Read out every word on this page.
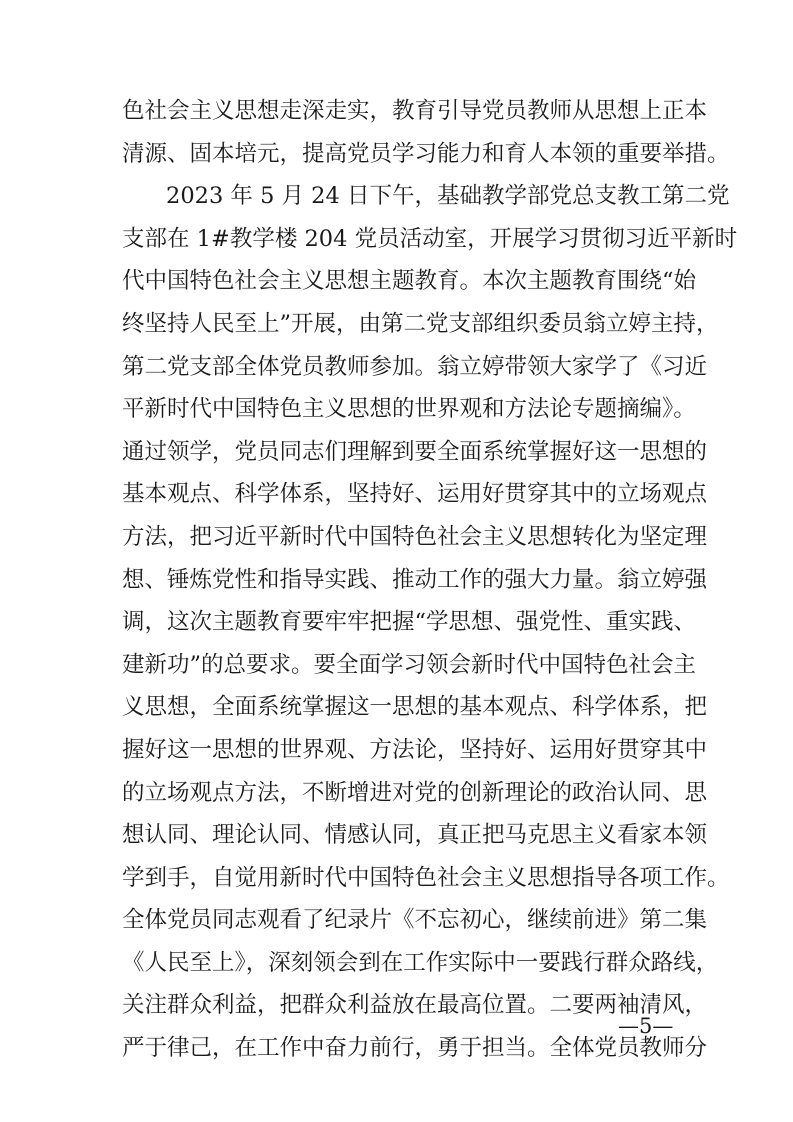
色社会主义思想走深走实，教育引导党员教师从思想上正本
清源、固本培元，提高党员学习能力和育人本领的重要举措。
2023 年 5 月 24 日下午，基础教学部党总支教工第二党
支部在 1#教学楼 204 党员活动室，开展学习贯彻习近平新时
代中国特色社会主义思想主题教育。本次主题教育围绕“始
终坚持人民至上”开展，由第二党支部组织委员翁立婷主持，
第二党支部全体党员教师参加。翁立婷带领大家学了《习近
平新时代中国特色主义思想的世界观和方法论专题摘编》。
通过领学，党员同志们理解到要全面系统掌握好这一思想的
基本观点、科学体系，坚持好、运用好贯穿其中的立场观点
方法，把习近平新时代中国特色社会主义思想转化为坚定理
想、锤炼党性和指导实践、推动工作的强大力量。翁立婷强
调，这次主题教育要牢牢把握“学思想、强党性、重实践、
建新功”的总要求。要全面学习领会新时代中国特色社会主
义思想，全面系统掌握这一思想的基本观点、科学体系，把
握好这一思想的世界观、方法论，坚持好、运用好贯穿其中
的立场观点方法，不断增进对党的创新理论的政治认同、思
想认同、理论认同、情感认同，真正把马克思主义看家本领
学到手，自觉用新时代中国特色社会主义思想指导各项工作。
全体党员同志观看了纪录片《不忘初心，继续前进》第二集
《人民至上》，深刻领会到在工作实际中一要践行群众路线，
关注群众利益，把群众利益放在最高位置。二要两袖清风，
严于律己，在工作中奋力前行，勇于担当。全体党员教师分
—5—
